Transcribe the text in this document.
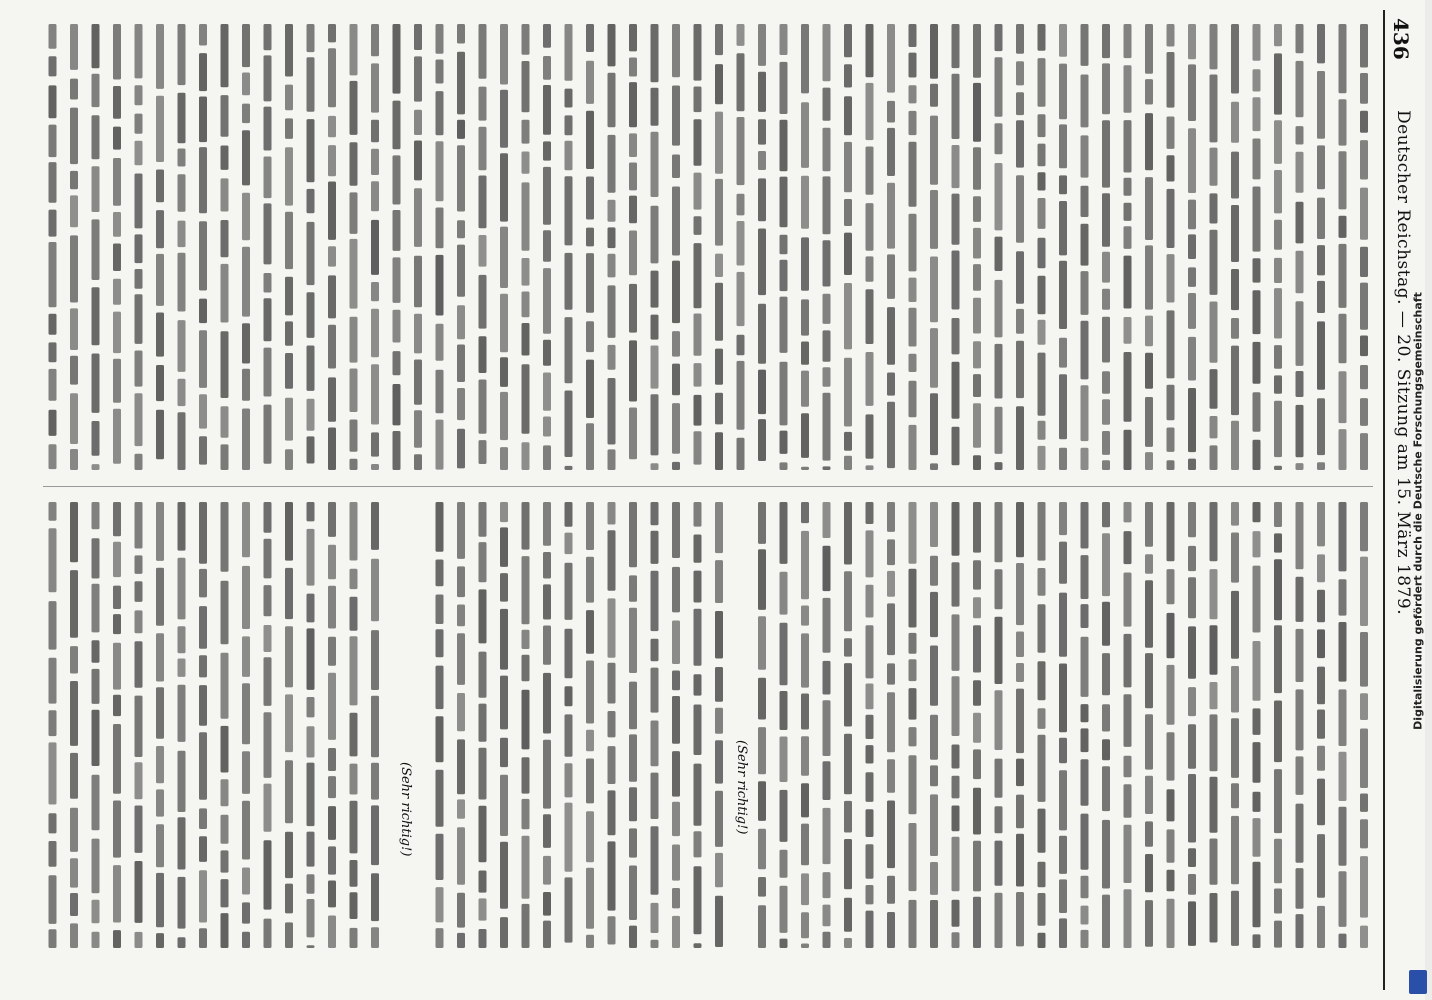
436
Deutscher Reichstag. — 20. Sitzung am 15. März 1879.
(Sehr richtig!)
(Sehr richtig!)
Digitalisierung gefördert durch die Deutsche Forschungsgemeinschaft
